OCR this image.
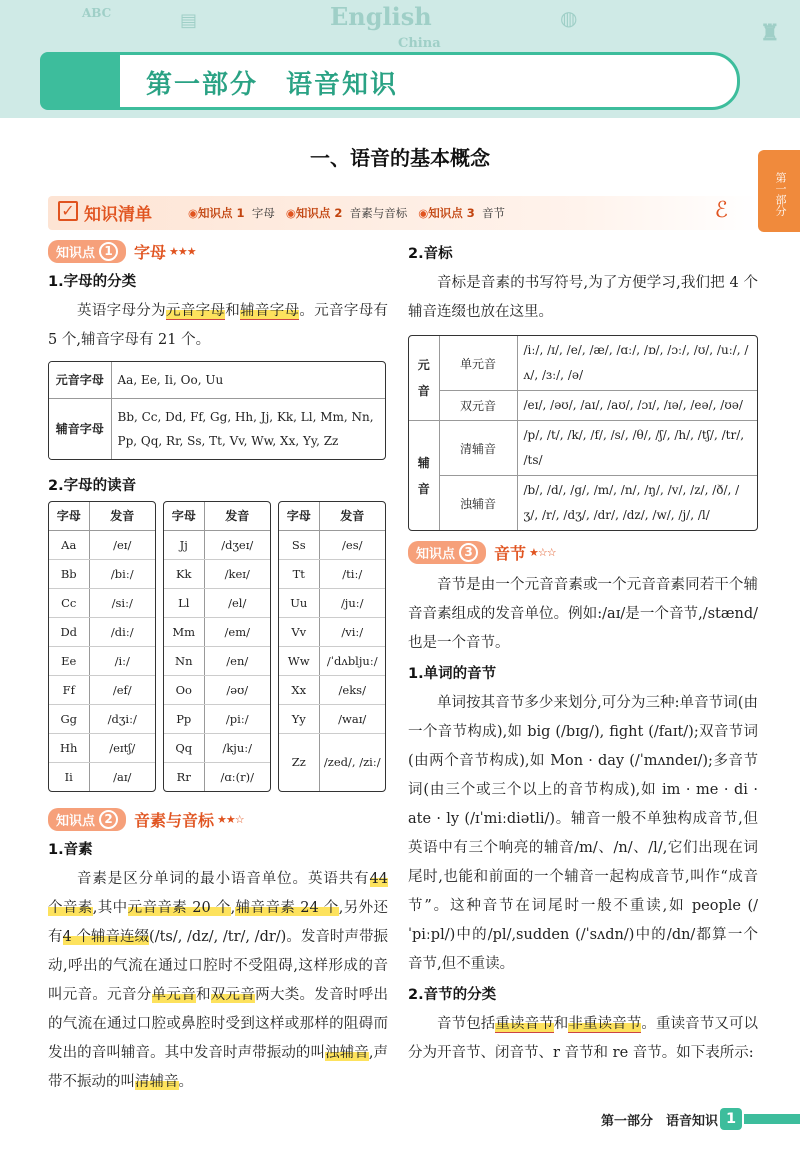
English
China
ABC	▤	◍
♜
第一部分　语音知识
一、语音的基本概念
第一部分
✓ 知识清单	◉知识点 1 字母 ◉知识点 2 音素与音标 ◉知识点 3 音节	ℰ
知识点 1	字母 ★★★
1.字母的分类

英语字母分为元音字母和辅音字母。元音字母有 5 个,辅音字母有 21 个。

元音字母	Aa, Ee, Ii, Oo, Uu
辅音字母	Bb, Cc, Dd, Ff, Gg, Hh, Jj, Kk, Ll, Mm, Nn, Pp, Qq, Rr, Ss, Tt, Vv, Ww, Xx, Yy, Zz
2.字母的读音
字母	发音
Aa	/eɪ/
Bb	/biː/
Cc	/siː/
Dd	/diː/
Ee	/iː/
Ff	/ef/
Gg	/dʒiː/
Hh	/eɪtʃ/
Ii	/aɪ/
字母	发音
Jj	/dʒeɪ/
Kk	/keɪ/
Ll	/el/
Mm	/em/
Nn	/en/
Oo	/əʊ/
Pp	/piː/
Qq	/kjuː/
Rr	/ɑː(r)/
字母	发音
Ss	/es/
Tt	/tiː/
Uu	/juː/
Vv	/viː/
Ww	/ˈdʌbljuː/
Xx	/eks/
Yy	/waɪ/
Zz	/zed/, /ziː/
知识点 2	音素与音标 ★★☆
1.音素

音素是区分单词的最小语音单位。英语共有44 个音素,其中元音音素 20 个,辅音音素 24 个,另外还有4 个辅音连缀(/ts/, /dz/, /tr/, /dr/)。发音时声带振动,呼出的气流在通过口腔时不受阻碍,这样形成的音叫元音。元音分单元音和双元音两大类。发音时呼出的气流在通过口腔或鼻腔时受到这样或那样的阻碍而发出的音叫辅音。其中发音时声带振动的叫浊辅音,声带不振动的叫清辅音。

2.音标

音标是音素的书写符号,为了方便学习,我们把 4 个辅音连缀也放在这里。

元音	单元音	/iː/, /ɪ/, /e/, /æ/, /ɑː/, /ɒ/, /ɔː/, /ʊ/, /uː/, /ʌ/, /ɜː/, /ə/
	双元音	/eɪ/, /əʊ/, /aɪ/, /aʊ/, /ɔɪ/, /ɪə/, /eə/, /ʊə/
辅音	清辅音	/p/, /t/, /k/, /f/, /s/, /θ/, /ʃ/, /h/, /tʃ/, /tr/, /ts/
	浊辅音	/b/, /d/, /g/, /m/, /n/, /ŋ/, /v/, /z/, /ð/, /ʒ/, /r/, /dʒ/, /dr/, /dz/, /w/, /j/, /l/
知识点 3	音节 ★☆☆

音节是由一个元音音素或一个元音音素同若干个辅音音素组成的发音单位。例如:/aɪ/是一个音节,/stænd/也是一个音节。

1.单词的音节

单词按其音节多少来划分,可分为三种:单音节词(由一个音节构成),如 big (/bɪg/), fight (/faɪt/);双音节词(由两个音节构成),如 Mon · day (/ˈmʌndeɪ/);多音节词(由三个或三个以上的音节构成),如 im · me · di · ate · ly (/ɪˈmiːdiətli/)。辅音一般不单独构成音节,但英语中有三个响亮的辅音/m/、/n/、/l/,它们出现在词尾时,也能和前面的一个辅音一起构成音节,叫作“成音节”。这种音节在词尾时一般不重读,如 people (/ˈpiːpl/)中的/pl/,sudden (/ˈsʌdn/)中的/dn/都算一个音节,但不重读。

2.音节的分类

音节包括重读音节和非重读音节。重读音节又可以分为开音节、闭音节、r 音节和 re 音节。如下表所示:

第一部分　语音知识 1
